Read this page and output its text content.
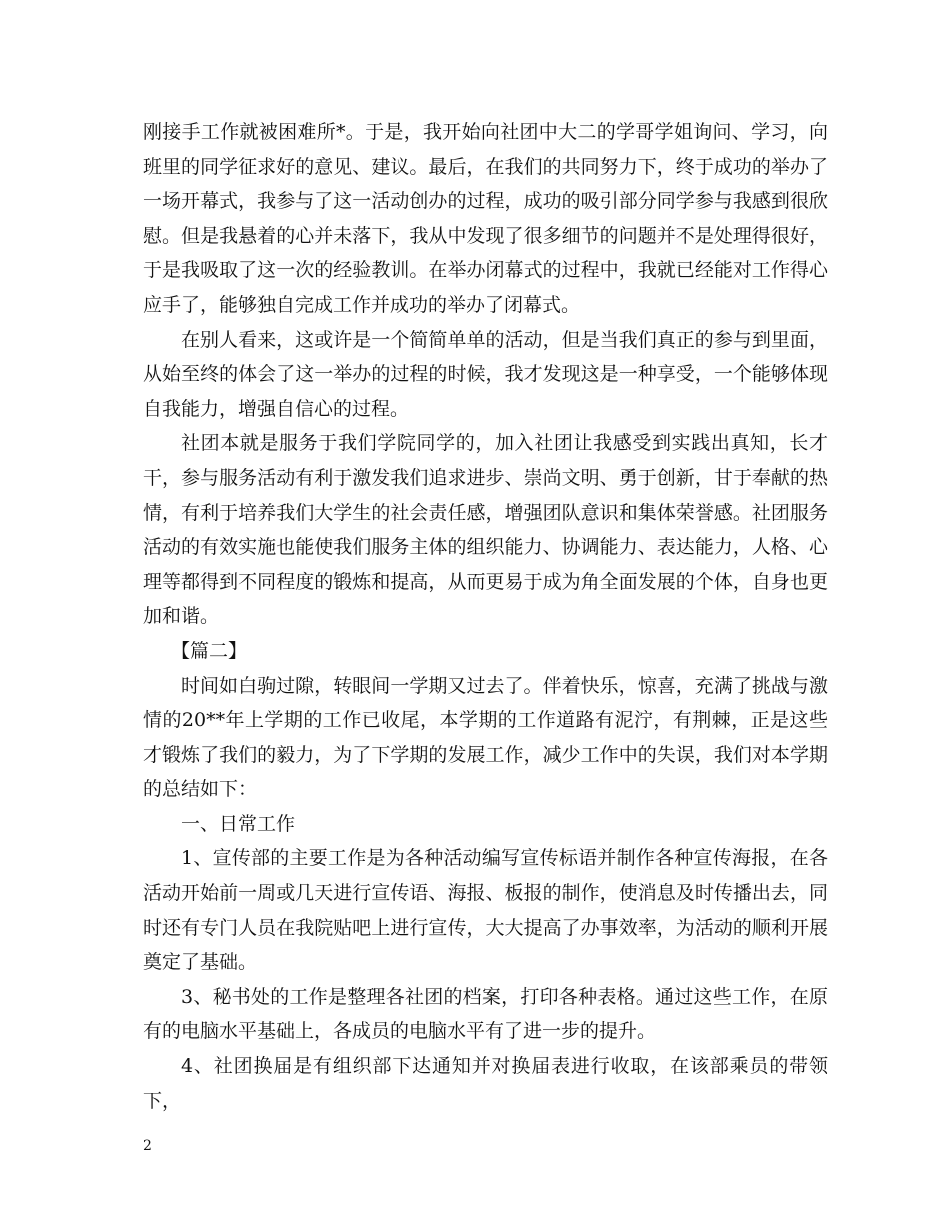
刚接手工作就被困难所*。于是，我开始向社团中大二的学哥学姐询问、学习，向班里的同学征求好的意见、建议。最后，在我们的共同努力下，终于成功的举办了一场开幕式，我参与了这一活动创办的过程，成功的吸引部分同学参与我感到很欣慰。但是我悬着的心并未落下，我从中发现了很多细节的问题并不是处理得很好，于是我吸取了这一次的经验教训。在举办闭幕式的过程中，我就已经能对工作得心应手了，能够独自完成工作并成功的举办了闭幕式。

在别人看来，这或许是一个简简单单的活动，但是当我们真正的参与到里面，从始至终的体会了这一举办的过程的时候，我才发现这是一种享受，一个能够体现自我能力，增强自信心的过程。

社团本就是服务于我们学院同学的，加入社团让我感受到实践出真知，长才干，参与服务活动有利于激发我们追求进步、崇尚文明、勇于创新，甘于奉献的热情，有利于培养我们大学生的社会责任感，增强团队意识和集体荣誉感。社团服务活动的有效实施也能使我们服务主体的组织能力、协调能力、表达能力，人格、心理等都得到不同程度的锻炼和提高，从而更易于成为角全面发展的个体，自身也更加和谐。

【篇二】

时间如白驹过隙，转眼间一学期又过去了。伴着快乐，惊喜，充满了挑战与激情的20**年上学期的工作已收尾，本学期的工作道路有泥泞，有荆棘，正是这些才锻炼了我们的毅力，为了下学期的发展工作，减少工作中的失误，我们对本学期的总结如下：

一、日常工作

1、宣传部的主要工作是为各种活动编写宣传标语并制作各种宣传海报，在各活动开始前一周或几天进行宣传语、海报、板报的制作，使消息及时传播出去，同时还有专门人员在我院贴吧上进行宣传，大大提高了办事效率，为活动的顺利开展奠定了基础。

3、秘书处的工作是整理各社团的档案，打印各种表格。通过这些工作，在原有的电脑水平基础上，各成员的电脑水平有了进一步的提升。

4、社团换届是有组织部下达通知并对换届表进行收取，在该部乘员的带领下，

2
